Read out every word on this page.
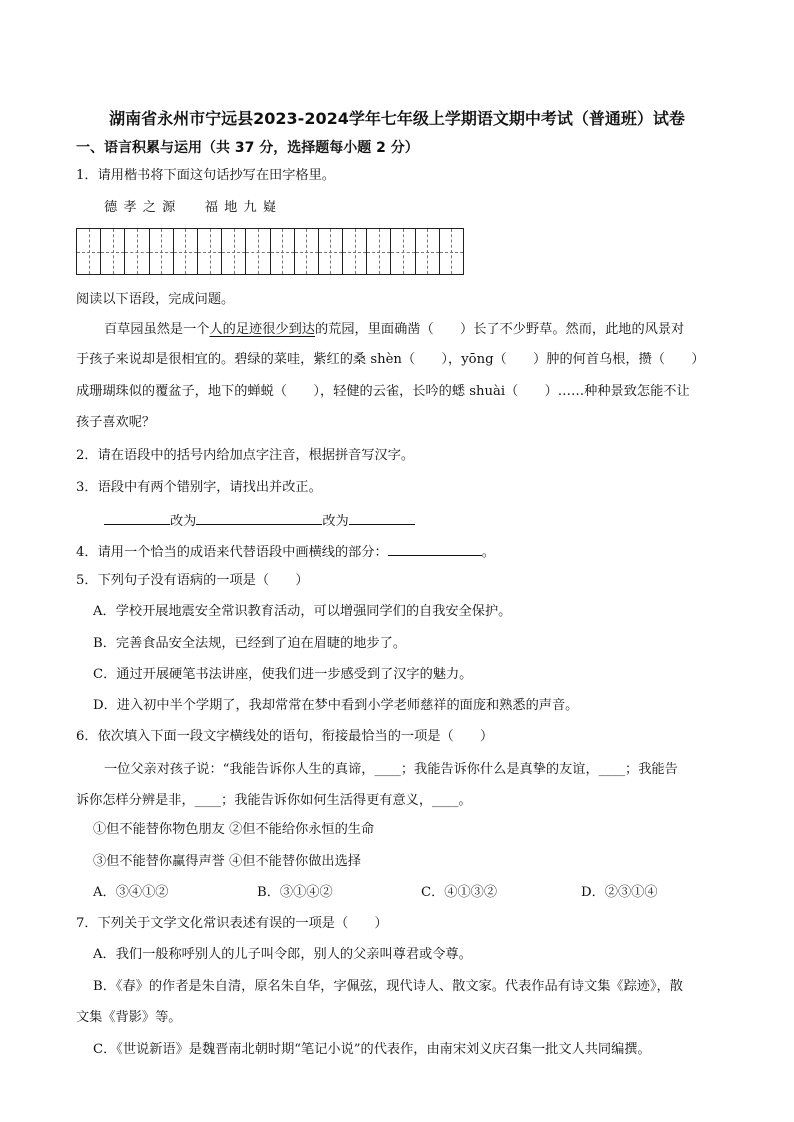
湖南省永州市宁远县2023-2024学年七年级上学期语文期中考试（普通班）试卷
一、语言积累与运用（共 37 分，选择题每小题 2 分）
1．请用楷书将下面这句话抄写在田字格里。
德 孝 之 源　　福 地 九 嶷
阅读以下语段，完成问题。
百草园虽然是一个人的足迹很少到达的荒园，里面确凿（　　）长了不少野草。然而，此地的风景对
于孩子来说却是很相宜的。碧绿的菜哇，紫红的桑 shèn（　　），yōng（　　）肿的何首乌根，攒（　　）
成珊瑚珠似的覆盆子，地下的蝉蜕（　　），轻健的云雀，长吟的蟋 shuài（　　）……种种景致怎能不让
孩子喜欢呢？
2．请在语段中的括号内给加点字注音，根据拼音写汉字。
3．语段中有两个错别字，请找出并改正。
改为	改为
4．请用一个恰当的成语来代替语段中画横线的部分：	。
5．下列句子没有语病的一项是（　　）
A．学校开展地震安全常识教育活动，可以增强同学们的自我安全保护。
B．完善食品安全法规，已经到了迫在眉睫的地步了。
C．通过开展硬笔书法讲座，使我们进一步感受到了汉字的魅力。
D．进入初中半个学期了，我却常常在梦中看到小学老师慈祥的面庞和熟悉的声音。
6．依次填入下面一段文字横线处的语句，衔接最恰当的一项是（　　）
一位父亲对孩子说：“我能告诉你人生的真谛，____；我能告诉你什么是真挚的友谊，____；我能告
诉你怎样分辨是非，____；我能告诉你如何生活得更有意义，____。
①但不能替你物色朋友 ②但不能给你永恒的生命
③但不能替你赢得声誉 ④但不能替你做出选择
A．③④①②	B．③①④②	C．④①③②	D．②③①④
7．下列关于文学文化常识表述有误的一项是（　　）
A．我们一般称呼别人的儿子叫令郎，别人的父亲叫尊君或令尊。
B．《春》的作者是朱自清，原名朱自华，字佩弦，现代诗人、散文家。代表作品有诗文集《踪迹》，散
文集《背影》等。
C．《世说新语》是魏晋南北朝时期“笔记小说”的代表作，由南宋刘义庆召集一批文人共同编撰。
